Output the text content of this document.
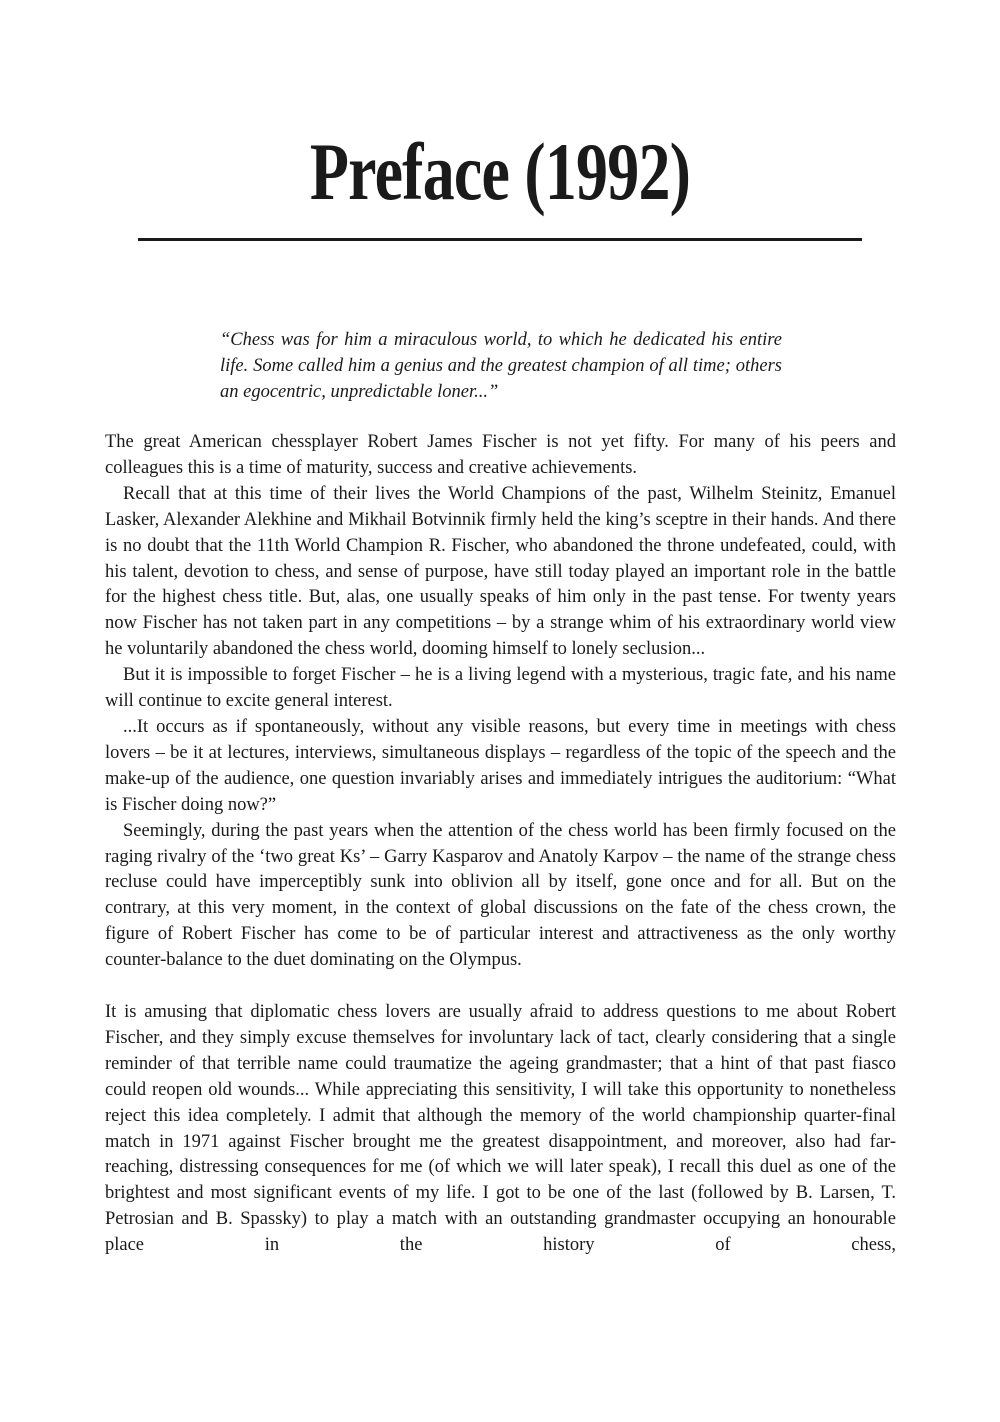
Preface (1992)

“Chess was for him a miraculous world, to which he dedicated his entire life. Some called him a genius and the greatest champion of all time; others an egocentric, unpredictable loner...”

The great American chessplayer Robert James Fischer is not yet fifty. For many of his peers and colleagues this is a time of maturity, success and creative achievements.

Recall that at this time of their lives the World Champions of the past, Wilhelm Steinitz, Emanuel Lasker, Alexander Alekhine and Mikhail Botvinnik firmly held the king’s sceptre in their hands. And there is no doubt that the 11th World Champion R. Fischer, who abandoned the throne undefeated, could, with his talent, devotion to chess, and sense of purpose, have still today played an important role in the battle for the highest chess title. But, alas, one usually speaks of him only in the past tense. For twenty years now Fischer has not taken part in any competitions – by a strange whim of his extraordinary world view he voluntarily abandoned the chess world, dooming himself to lonely seclusion...

But it is impossible to forget Fischer – he is a living legend with a mysterious, tragic fate, and his name will continue to excite general interest.

...It occurs as if spontaneously, without any visible reasons, but every time in meetings with chess lovers – be it at lectures, interviews, simultaneous displays – regardless of the topic of the speech and the make-up of the audience, one question invariably arises and immediately intrigues the auditorium: “What is Fischer doing now?”

Seemingly, during the past years when the attention of the chess world has been firmly focused on the raging rivalry of the ‘two great Ks’ – Garry Kasparov and Anatoly Karpov – the name of the strange chess recluse could have imperceptibly sunk into oblivion all by itself, gone once and for all. But on the contrary, at this very moment, in the context of global discussions on the fate of the chess crown, the figure of Robert Fischer has come to be of particular interest and attractiveness as the only worthy counter-balance to the duet dominating on the Olympus.

It is amusing that diplomatic chess lovers are usually afraid to address questions to me about Robert Fischer, and they simply excuse themselves for involuntary lack of tact, clearly considering that a single reminder of that terrible name could traumatize the ageing grandmaster; that a hint of that past fiasco could reopen old wounds... While appreciating this sensitivity, I will take this opportunity to nonetheless reject this idea completely. I admit that although the memory of the world championship quarter-final match in 1971 against Fischer brought me the greatest disappointment, and moreover, also had far-reaching, distressing consequences for me (of which we will later speak), I recall this duel as one of the brightest and most significant events of my life. I got to be one of the last (followed by B. Larsen, T. Petrosian and B. Spassky) to play a match with an outstanding grandmaster occupying an honourable place in the history of chess,
